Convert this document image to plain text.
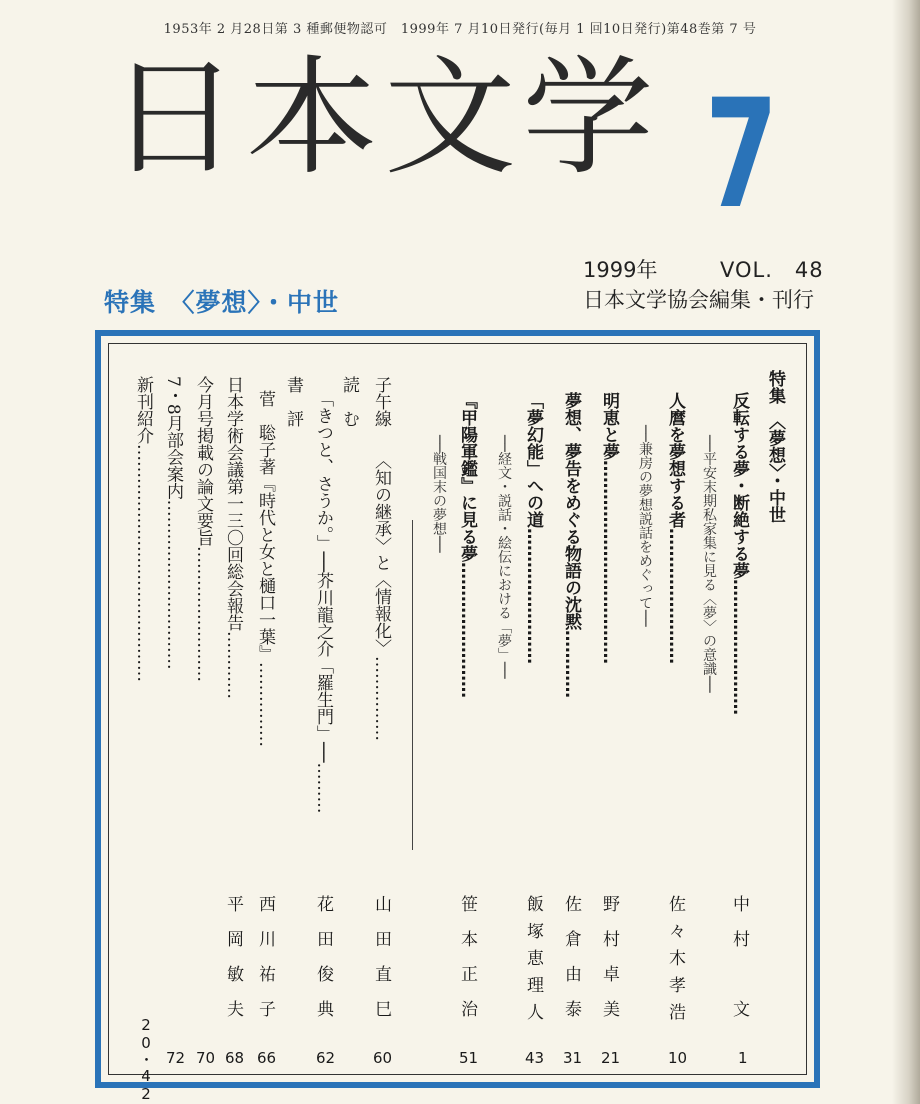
1953年 2 月28日第 3 種郵便物認可　1999年 7 月10日発行(毎月 1 回10日発行)第48巻第 7 号
日本文学 7
1999年	VOL.　48
日本文学協会編集・刊行
特集　〈夢想〉・中世
特集　〈夢想〉・中世
反転する夢・断絶する夢……………………
──平安末期私家集に見る〈夢〉の意識──
人麿を夢想する者……………………
──兼房の夢想説話をめぐって──
明恵と夢………………………………
夢想、夢告をめぐる物語の沈黙…………
「夢幻能」への道……………………
──経文・説話・絵伝における「夢」──
『甲陽軍鑑』に見る夢……………………
──戦国末の夢想──
子午線
〈知の継承〉と〈情報化〉……………
読　む
「きつと、さうか。」──芥川龍之介「羅生門」──………
書　評
菅　聡子著『時代と女と樋口一葉』……………
日本学術会議第一三〇回総会報告…………
今月号掲載の論文要旨……………………
7・8月部会案内…………………………
新刊紹介……………………………………
中村　文
佐々木孝浩
野村卓美
佐倉由泰
飯塚恵理人
笹本正治
山田直巳
花田俊典
西川祐子
平岡敏夫
1
10
21
31
43
51
60
62
66
68
70
72
20・42
